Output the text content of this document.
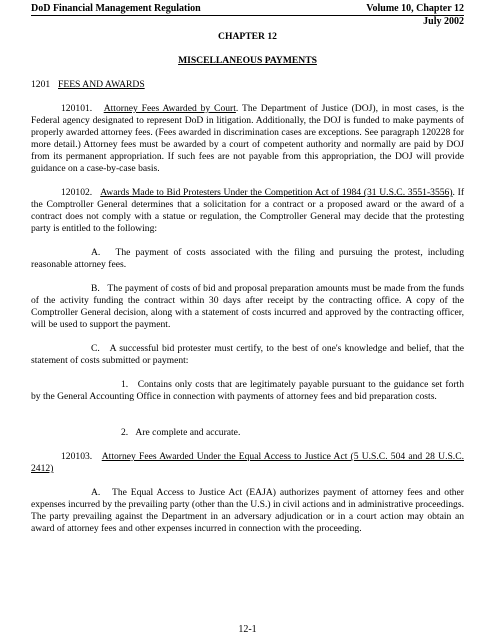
DoD Financial Management Regulation	Volume 10, Chapter 12
July 2002
CHAPTER 12
MISCELLANEOUS PAYMENTS
1201 FEES AND AWARDS

120101. Attorney Fees Awarded by Court. The Department of Justice (DOJ), in most cases, is the Federal agency designated to represent DoD in litigation. Additionally, the DOJ is funded to make payments of properly awarded attorney fees. (Fees awarded in discrimination cases are exceptions. See paragraph 120228 for more detail.) Attorney fees must be awarded by a court of competent authority and normally are paid by DOJ from its permanent appropriation. If such fees are not payable from this appropriation, the DOJ will provide guidance on a case-by-case basis.

120102. Awards Made to Bid Protesters Under the Competition Act of 1984 (31 U.S.C. 3551-3556). If the Comptroller General determines that a solicitation for a contract or a proposed award or the award of a contract does not comply with a statue or regulation, the Comptroller General may decide that the protesting party is entitled to the following:

A. The payment of costs associated with the filing and pursuing the protest, including reasonable attorney fees.

B. The payment of costs of bid and proposal preparation amounts must be made from the funds of the activity funding the contract within 30 days after receipt by the contracting office. A copy of the Comptroller General decision, along with a statement of costs incurred and approved by the contracting officer, will be used to support the payment.

C. A successful bid protester must certify, to the best of one's knowledge and belief, that the statement of costs submitted or payment:

1. Contains only costs that are legitimately payable pursuant to the guidance set forth by the General Accounting Office in connection with payments of attorney fees and bid preparation costs.

2. Are complete and accurate.

120103. Attorney Fees Awarded Under the Equal Access to Justice Act (5 U.S.C. 504 and 28 U.S.C. 2412)

A. The Equal Access to Justice Act (EAJA) authorizes payment of attorney fees and other expenses incurred by the prevailing party (other than the U.S.) in civil actions and in administrative proceedings. The party prevailing against the Department in an adversary adjudication or in a court action may obtain an award of attorney fees and other expenses incurred in connection with the proceeding.

12-1
